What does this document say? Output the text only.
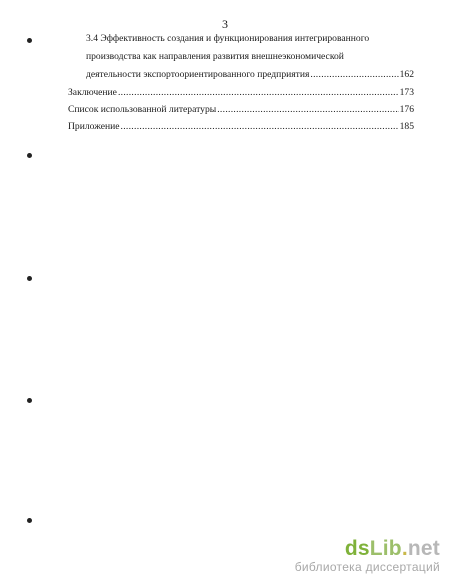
3
3.4 Эффективность создания и функционирования интегрированного
производства как направления развития внешнеэкономической
деятельности экспортоориентированного предприятия .....	162
Заключение .....	173
Список использованной литературы .....	176
Приложение .....	185
dsLib.net
библиотека диссертаций
